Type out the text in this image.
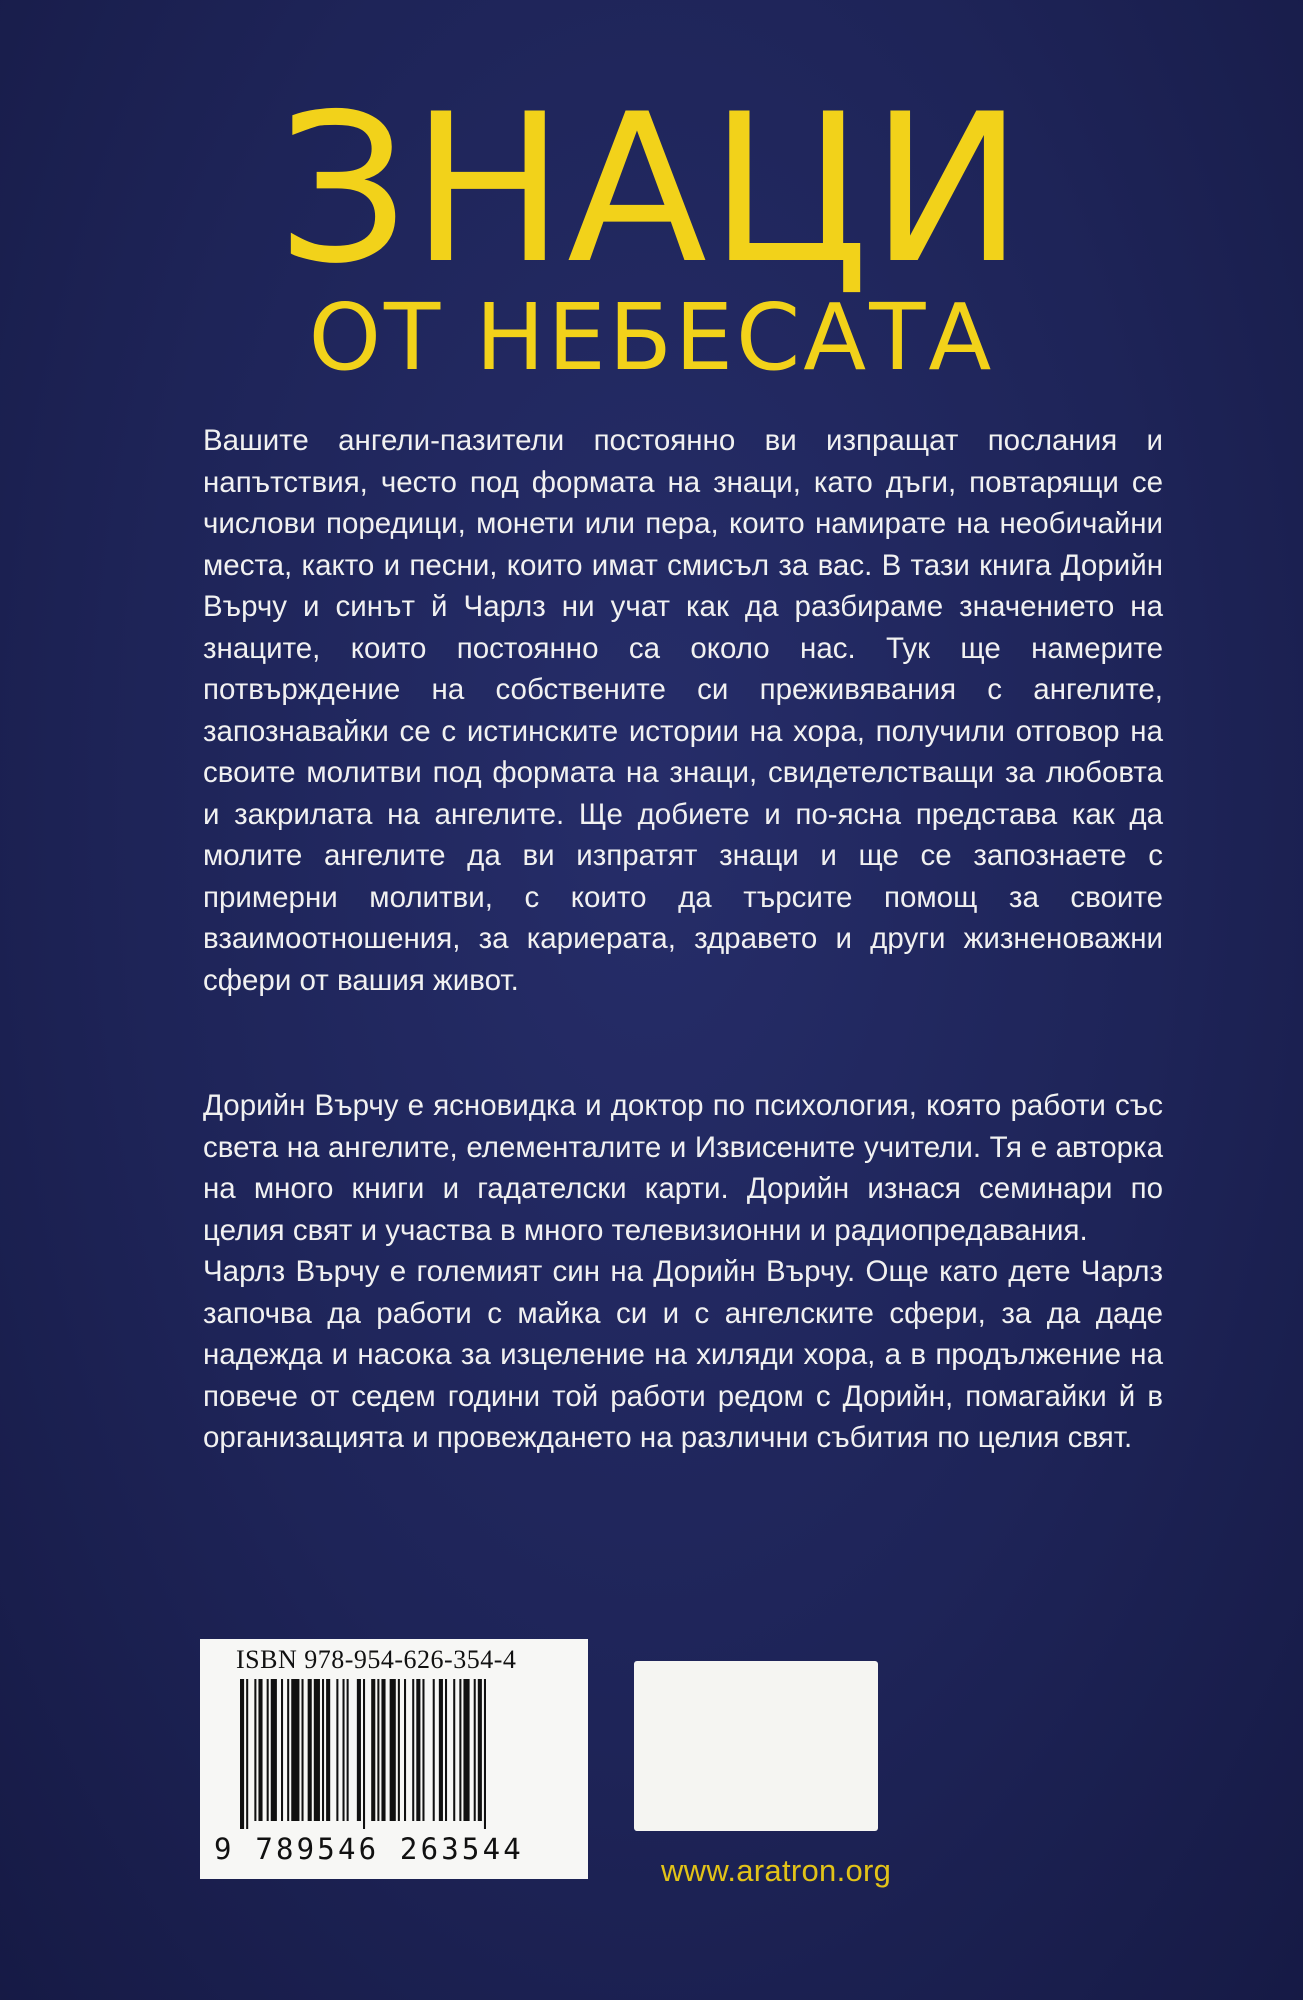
ЗНАЦИ
ОТ НЕБЕСАТА

Вашите ангели-пазители постоянно ви изпращат послания и напътствия, често под формата на знаци, като дъги, повтарящи се числови поредици, монети или пера, които намирате на необичайни места, както и песни, които имат смисъл за вас. В тази книга Дорийн Върчу и синът й Чарлз ни учат как да разбираме значението на знаците, които постоянно са около нас. Тук ще намерите потвърждение на собствените си преживявания с ангелите, запознавайки се с истинските истории на хора, получили отговор на своите молитви под формата на знаци, свидетелстващи за любовта и закрилата на ангелите. Ще добиете и по-ясна представа как да молите ангелите да ви изпратят знаци и ще се запознаете с примерни молитви, с които да търсите помощ за своите взаимоотношения, за кариерата, здравето и други жизненоважни сфери от вашия живот.

Дорийн Върчу е ясновидка и доктор по психология, която работи със света на ангелите, елементалите и Извисените учители. Тя е авторка на много книги и гадателски карти. Дорийн изнася семинари по целия свят и участва в много телевизионни и радиопредавания.

Чарлз Върчу е големият син на Дорийн Върчу. Още като дете Чарлз започва да работи с майка си и с ангелските сфери, за да даде надежда и насока за изцеление на хиляди хора, а в продължение на повече от седем години той работи редом с Дорийн, помагайки й в организацията и провеждането на различни събития по целия свят.

ISBN 978-954-626-354-4
9 789546 263544
www.aratron.org
